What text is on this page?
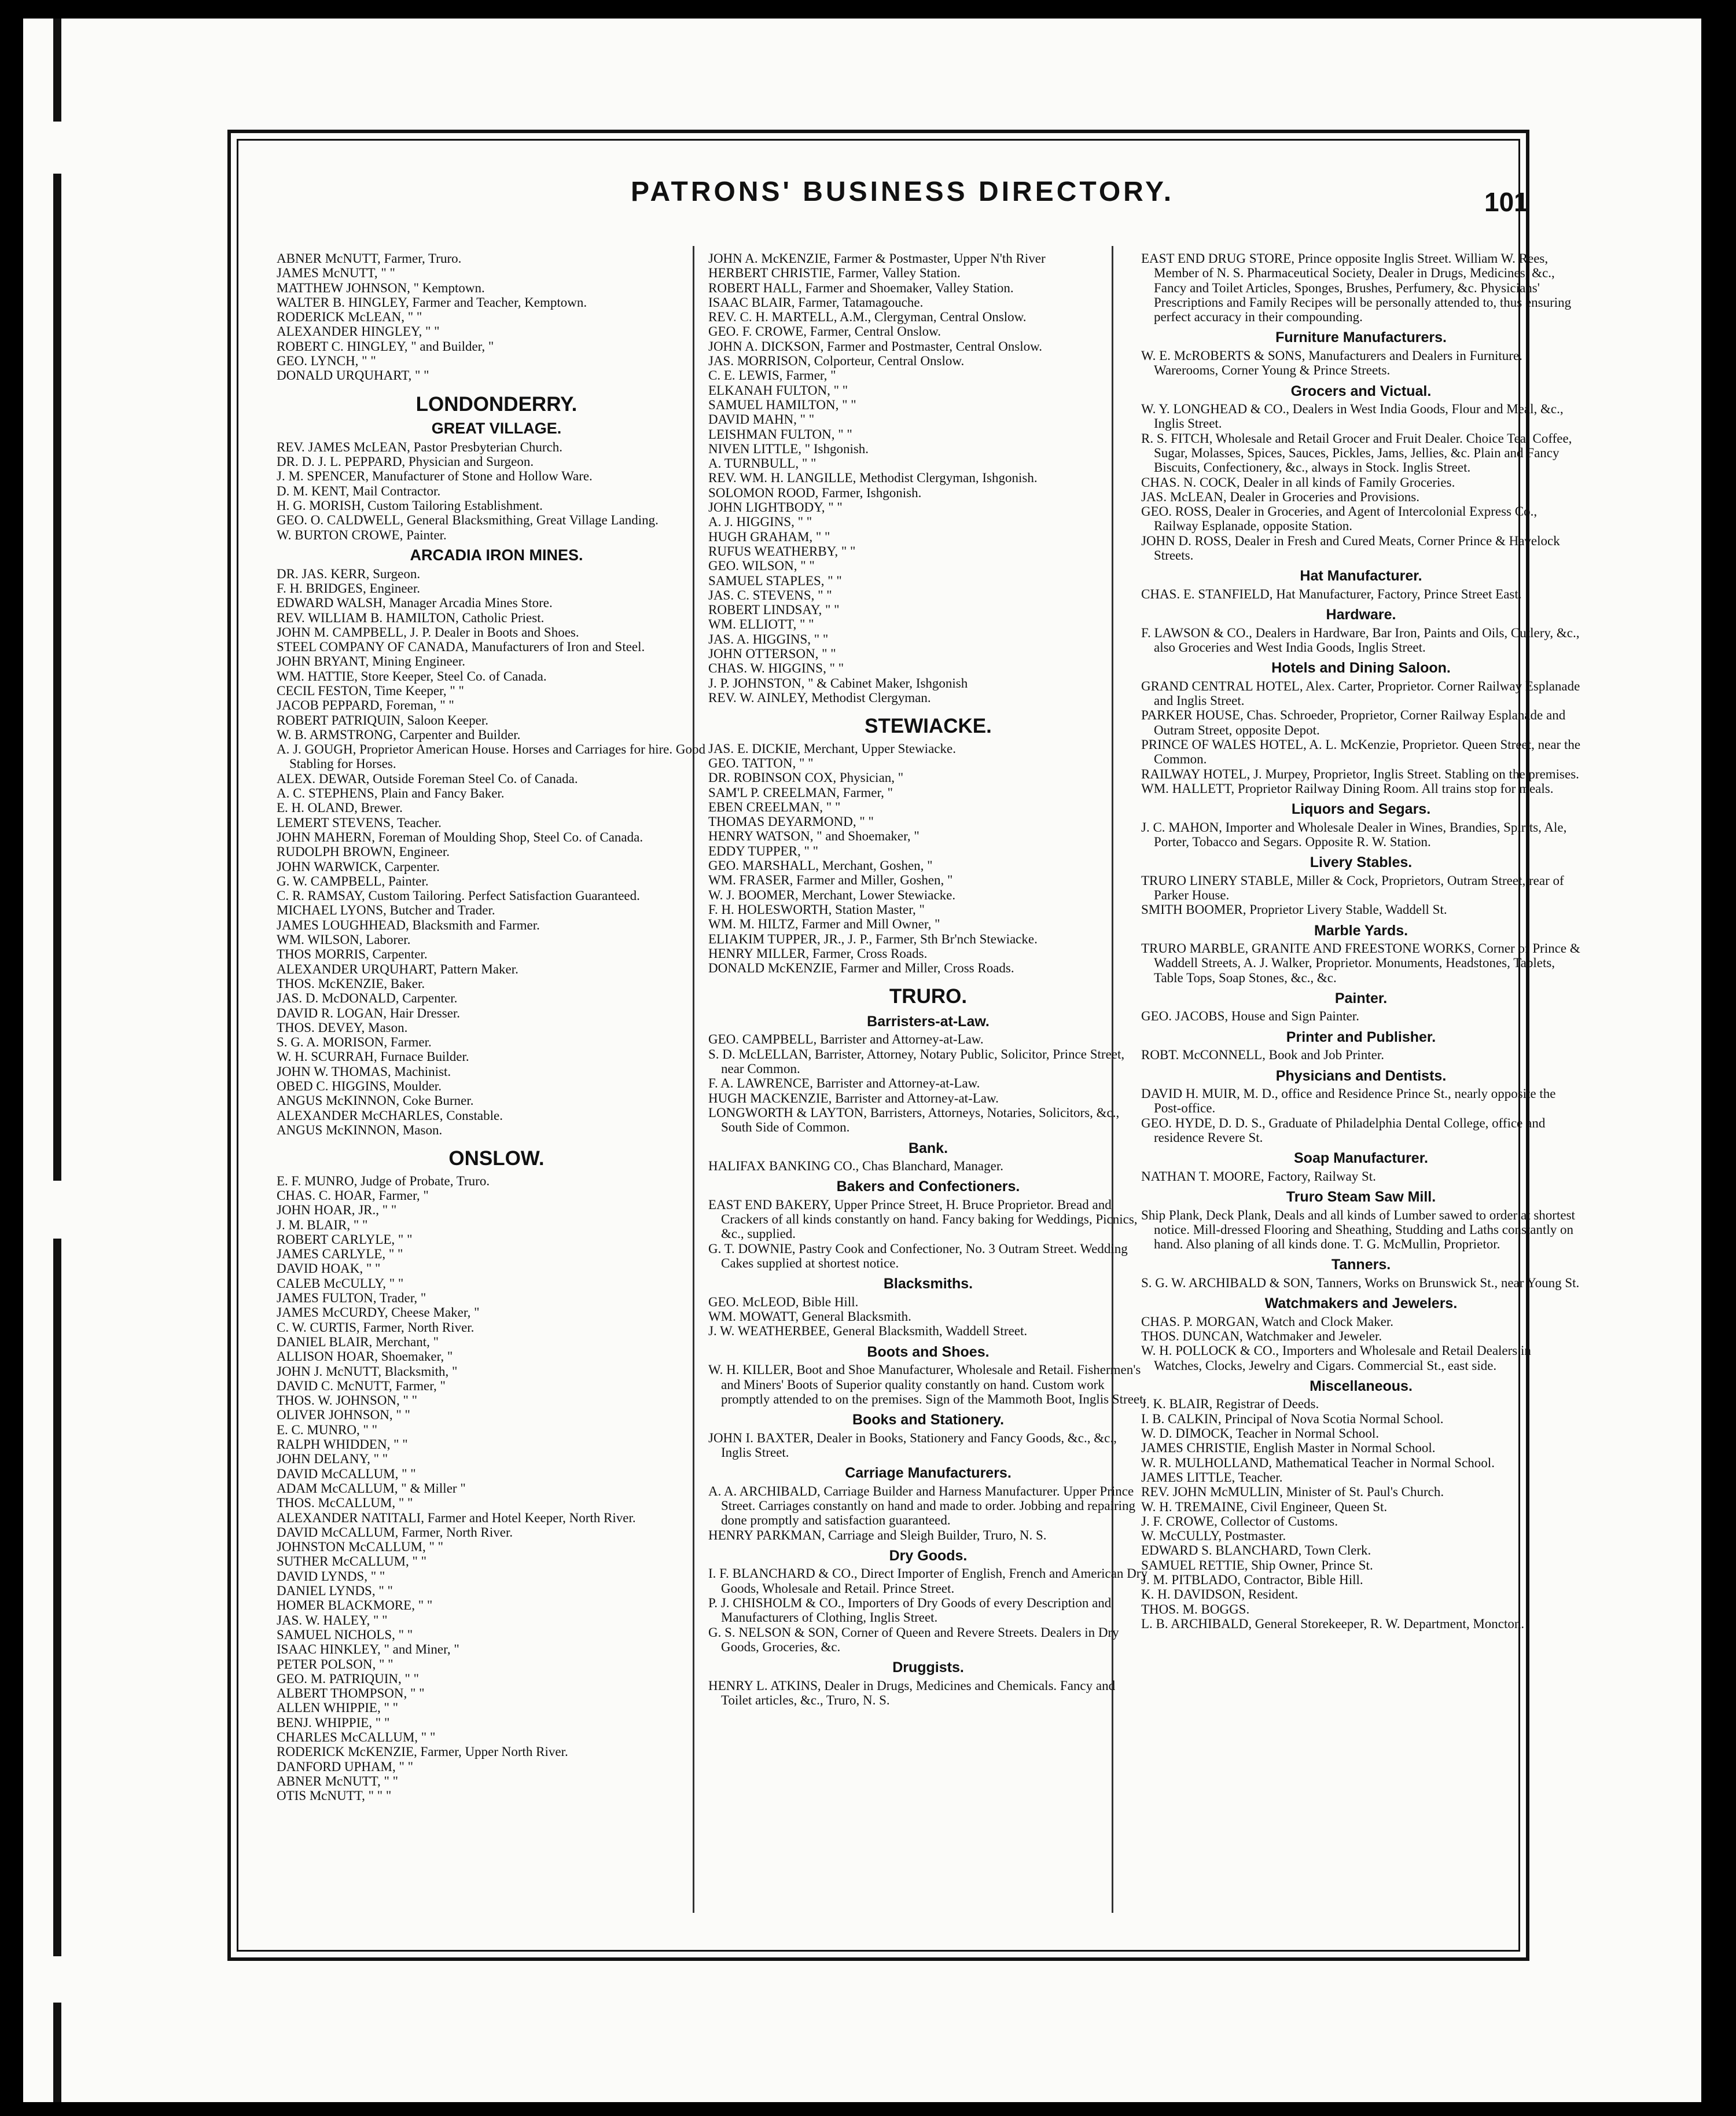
PATRONS' BUSINESS DIRECTORY.	101
ABNER McNUTT, Farmer, Truro.
JAMES McNUTT, " "
MATTHEW JOHNSON, " Kemptown.
WALTER B. HINGLEY, Farmer and Teacher, Kemptown.
RODERICK McLEAN, " "
ALEXANDER HINGLEY, " "
ROBERT C. HINGLEY, " and Builder, "
GEO. LYNCH, " "
DONALD URQUHART, " "
LONDONDERRY.
GREAT VILLAGE.
REV. JAMES McLEAN, Pastor Presbyterian Church.
DR. D. J. L. PEPPARD, Physician and Surgeon.
J. M. SPENCER, Manufacturer of Stone and Hollow Ware.
D. M. KENT, Mail Contractor.
H. G. MORISH, Custom Tailoring Establishment.
GEO. O. CALDWELL, General Blacksmithing, Great Village Landing.
W. BURTON CROWE, Painter.
ARCADIA IRON MINES.
DR. JAS. KERR, Surgeon.
F. H. BRIDGES, Engineer.
EDWARD WALSH, Manager Arcadia Mines Store.
REV. WILLIAM B. HAMILTON, Catholic Priest.
JOHN M. CAMPBELL, J. P. Dealer in Boots and Shoes.
STEEL COMPANY OF CANADA, Manufacturers of Iron and Steel.
JOHN BRYANT, Mining Engineer.
WM. HATTIE, Store Keeper, Steel Co. of Canada.
CECIL FESTON, Time Keeper, " "
JACOB PEPPARD, Foreman, " "
ROBERT PATRIQUIN, Saloon Keeper.
W. B. ARMSTRONG, Carpenter and Builder.
A. J. GOUGH, Proprietor American House. Horses and Carriages for hire. Good Stabling for Horses.
ALEX. DEWAR, Outside Foreman Steel Co. of Canada.
A. C. STEPHENS, Plain and Fancy Baker.
E. H. OLAND, Brewer.
LEMERT STEVENS, Teacher.
JOHN MAHERN, Foreman of Moulding Shop, Steel Co. of Canada.
RUDOLPH BROWN, Engineer.
JOHN WARWICK, Carpenter.
G. W. CAMPBELL, Painter.
C. R. RAMSAY, Custom Tailoring. Perfect Satisfaction Guaranteed.
MICHAEL LYONS, Butcher and Trader.
JAMES LOUGHHEAD, Blacksmith and Farmer.
WM. WILSON, Laborer.
THOS MORRIS, Carpenter.
ALEXANDER URQUHART, Pattern Maker.
THOS. McKENZIE, Baker.
JAS. D. McDONALD, Carpenter.
DAVID R. LOGAN, Hair Dresser.
THOS. DEVEY, Mason.
S. G. A. MORISON, Farmer.
W. H. SCURRAH, Furnace Builder.
JOHN W. THOMAS, Machinist.
OBED C. HIGGINS, Moulder.
ANGUS McKINNON, Coke Burner.
ALEXANDER McCHARLES, Constable.
ANGUS McKINNON, Mason.
ONSLOW.
E. F. MUNRO, Judge of Probate, Truro.
CHAS. C. HOAR, Farmer, "
JOHN HOAR, JR., " "
J. M. BLAIR, " "
ROBERT CARLYLE, " "
JAMES CARLYLE, " "
DAVID HOAK, " "
CALEB McCULLY, " "
JAMES FULTON, Trader, "
JAMES McCURDY, Cheese Maker, "
C. W. CURTIS, Farmer, North River.
DANIEL BLAIR, Merchant, "
ALLISON HOAR, Shoemaker, "
JOHN J. McNUTT, Blacksmith, "
DAVID C. McNUTT, Farmer, "
THOS. W. JOHNSON, " "
OLIVER JOHNSON, " "
E. C. MUNRO, " "
RALPH WHIDDEN, " "
JOHN DELANY, " "
DAVID McCALLUM, " "
ADAM McCALLUM, " & Miller "
THOS. McCALLUM, " "
ALEXANDER NATITALI, Farmer and Hotel Keeper, North River.
DAVID McCALLUM, Farmer, North River.
JOHNSTON McCALLUM, " "
SUTHER McCALLUM, " "
DAVID LYNDS, " "
DANIEL LYNDS, " "
HOMER BLACKMORE, " "
JAS. W. HALEY, " "
SAMUEL NICHOLS, " "
ISAAC HINKLEY, " and Miner, "
PETER POLSON, " "
GEO. M. PATRIQUIN, " "
ALBERT THOMPSON, " "
ALLEN WHIPPIE, " "
BENJ. WHIPPIE, " "
CHARLES McCALLUM, " "
RODERICK McKENZIE, Farmer, Upper North River.
DANFORD UPHAM, " "
ABNER McNUTT, " "
OTIS McNUTT, " " "
JOHN A. McKENZIE, Farmer & Postmaster, Upper N'th River
HERBERT CHRISTIE, Farmer, Valley Station.
ROBERT HALL, Farmer and Shoemaker, Valley Station.
ISAAC BLAIR, Farmer, Tatamagouche.
REV. C. H. MARTELL, A.M., Clergyman, Central Onslow.
GEO. F. CROWE, Farmer, Central Onslow.
JOHN A. DICKSON, Farmer and Postmaster, Central Onslow.
JAS. MORRISON, Colporteur, Central Onslow.
C. E. LEWIS, Farmer, "
ELKANAH FULTON, " "
SAMUEL HAMILTON, " "
DAVID MAHN, " "
LEISHMAN FULTON, " "
NIVEN LITTLE, " Ishgonish.
A. TURNBULL, " "
REV. WM. H. LANGILLE, Methodist Clergyman, Ishgonish.
SOLOMON ROOD, Farmer, Ishgonish.
JOHN LIGHTBODY, " "
A. J. HIGGINS, " "
HUGH GRAHAM, " "
RUFUS WEATHERBY, " "
GEO. WILSON, " "
SAMUEL STAPLES, " "
JAS. C. STEVENS, " "
ROBERT LINDSAY, " "
WM. ELLIOTT, " "
JAS. A. HIGGINS, " "
JOHN OTTERSON, " "
CHAS. W. HIGGINS, " "
J. P. JOHNSTON, " & Cabinet Maker, Ishgonish
REV. W. AINLEY, Methodist Clergyman.
STEWIACKE.
JAS. E. DICKIE, Merchant, Upper Stewiacke.
GEO. TATTON, " "
DR. ROBINSON COX, Physician, "
SAM'L P. CREELMAN, Farmer, "
EBEN CREELMAN, " "
THOMAS DEYARMOND, " "
HENRY WATSON, " and Shoemaker, "
EDDY TUPPER, " "
GEO. MARSHALL, Merchant, Goshen, "
WM. FRASER, Farmer and Miller, Goshen, "
W. J. BOOMER, Merchant, Lower Stewiacke.
F. H. HOLESWORTH, Station Master, "
WM. M. HILTZ, Farmer and Mill Owner, "
ELIAKIM TUPPER, JR., J. P., Farmer, Sth Br'nch Stewiacke.
HENRY MILLER, Farmer, Cross Roads.
DONALD McKENZIE, Farmer and Miller, Cross Roads.
TRURO.
Barristers-at-Law.
GEO. CAMPBELL, Barrister and Attorney-at-Law.
S. D. McLELLAN, Barrister, Attorney, Notary Public, Solicitor, Prince Street, near Common.
F. A. LAWRENCE, Barrister and Attorney-at-Law.
HUGH MACKENZIE, Barrister and Attorney-at-Law.
LONGWORTH & LAYTON, Barristers, Attorneys, Notaries, Solicitors, &c., South Side of Common.
Bank.
HALIFAX BANKING CO., Chas Blanchard, Manager.
Bakers and Confectioners.
EAST END BAKERY, Upper Prince Street, H. Bruce Proprietor. Bread and Crackers of all kinds constantly on hand. Fancy baking for Weddings, Picnics, &c., supplied.
G. T. DOWNIE, Pastry Cook and Confectioner, No. 3 Outram Street. Wedding Cakes supplied at shortest notice.
Blacksmiths.
GEO. McLEOD, Bible Hill.
WM. MOWATT, General Blacksmith.
J. W. WEATHERBEE, General Blacksmith, Waddell Street.
Boots and Shoes.
W. H. KILLER, Boot and Shoe Manufacturer, Wholesale and Retail. Fishermen's and Miners' Boots of Superior quality constantly on hand. Custom work promptly attended to on the premises. Sign of the Mammoth Boot, Inglis Street.
Books and Stationery.
JOHN I. BAXTER, Dealer in Books, Stationery and Fancy Goods, &c., &c., Inglis Street.
Carriage Manufacturers.
A. A. ARCHIBALD, Carriage Builder and Harness Manufacturer. Upper Prince Street. Carriages constantly on hand and made to order. Jobbing and repairing done promptly and satisfaction guaranteed.
HENRY PARKMAN, Carriage and Sleigh Builder, Truro, N. S.
Dry Goods.
I. F. BLANCHARD & CO., Direct Importer of English, French and American Dry Goods, Wholesale and Retail. Prince Street.
P. J. CHISHOLM & CO., Importers of Dry Goods of every Description and Manufacturers of Clothing, Inglis Street.
G. S. NELSON & SON, Corner of Queen and Revere Streets. Dealers in Dry Goods, Groceries, &c.
Druggists.
HENRY L. ATKINS, Dealer in Drugs, Medicines and Chemicals. Fancy and Toilet articles, &c., Truro, N. S.
EAST END DRUG STORE, Prince opposite Inglis Street. William W. Rees, Member of N. S. Pharmaceutical Society, Dealer in Drugs, Medicines, &c., Fancy and Toilet Articles, Sponges, Brushes, Perfumery, &c. Physicians' Prescriptions and Family Recipes will be personally attended to, thus ensuring perfect accuracy in their compounding.
Furniture Manufacturers.
W. E. McROBERTS & SONS, Manufacturers and Dealers in Furniture. Warerooms, Corner Young & Prince Streets.
Grocers and Victual.
W. Y. LONGHEAD & CO., Dealers in West India Goods, Flour and Meal, &c., Inglis Street.
R. S. FITCH, Wholesale and Retail Grocer and Fruit Dealer. Choice Tea, Coffee, Sugar, Molasses, Spices, Sauces, Pickles, Jams, Jellies, &c. Plain and Fancy Biscuits, Confectionery, &c., always in Stock. Inglis Street.
CHAS. N. COCK, Dealer in all kinds of Family Groceries.
JAS. McLEAN, Dealer in Groceries and Provisions.
GEO. ROSS, Dealer in Groceries, and Agent of Intercolonial Express Co., Railway Esplanade, opposite Station.
JOHN D. ROSS, Dealer in Fresh and Cured Meats, Corner Prince & Havelock Streets.
Hat Manufacturer.
CHAS. E. STANFIELD, Hat Manufacturer, Factory, Prince Street East.
Hardware.
F. LAWSON & CO., Dealers in Hardware, Bar Iron, Paints and Oils, Cutlery, &c., also Groceries and West India Goods, Inglis Street.
Hotels and Dining Saloon.
GRAND CENTRAL HOTEL, Alex. Carter, Proprietor. Corner Railway Esplanade and Inglis Street.
PARKER HOUSE, Chas. Schroeder, Proprietor, Corner Railway Esplanade and Outram Street, opposite Depot.
PRINCE OF WALES HOTEL, A. L. McKenzie, Proprietor. Queen Street, near the Common.
RAILWAY HOTEL, J. Murpey, Proprietor, Inglis Street. Stabling on the premises.
WM. HALLETT, Proprietor Railway Dining Room. All trains stop for meals.
Liquors and Segars.
J. C. MAHON, Importer and Wholesale Dealer in Wines, Brandies, Spirits, Ale, Porter, Tobacco and Segars. Opposite R. W. Station.
Livery Stables.
TRURO LINERY STABLE, Miller & Cock, Proprietors, Outram Street, rear of Parker House.
SMITH BOOMER, Proprietor Livery Stable, Waddell St.
Marble Yards.
TRURO MARBLE, GRANITE AND FREESTONE WORKS, Corner of Prince & Waddell Streets, A. J. Walker, Proprietor. Monuments, Headstones, Tablets, Table Tops, Soap Stones, &c., &c.
Painter.
GEO. JACOBS, House and Sign Painter.
Printer and Publisher.
ROBT. McCONNELL, Book and Job Printer.
Physicians and Dentists.
DAVID H. MUIR, M. D., office and Residence Prince St., nearly opposite the Post-office.
GEO. HYDE, D. D. S., Graduate of Philadelphia Dental College, office and residence Revere St.
Soap Manufacturer.
NATHAN T. MOORE, Factory, Railway St.
Truro Steam Saw Mill.
Ship Plank, Deck Plank, Deals and all kinds of Lumber sawed to order at shortest notice. Mill-dressed Flooring and Sheathing, Studding and Laths constantly on hand. Also planing of all kinds done. T. G. McMullin, Proprietor.
Tanners.
S. G. W. ARCHIBALD & SON, Tanners, Works on Brunswick St., near Young St.
Watchmakers and Jewelers.
CHAS. P. MORGAN, Watch and Clock Maker.
THOS. DUNCAN, Watchmaker and Jeweler.
W. H. POLLOCK & CO., Importers and Wholesale and Retail Dealers in Watches, Clocks, Jewelry and Cigars. Commercial St., east side.
Miscellaneous.
J. K. BLAIR, Registrar of Deeds.
I. B. CALKIN, Principal of Nova Scotia Normal School.
W. D. DIMOCK, Teacher in Normal School.
JAMES CHRISTIE, English Master in Normal School.
W. R. MULHOLLAND, Mathematical Teacher in Normal School.
JAMES LITTLE, Teacher.
REV. JOHN McMULLIN, Minister of St. Paul's Church.
W. H. TREMAINE, Civil Engineer, Queen St.
J. F. CROWE, Collector of Customs.
W. McCULLY, Postmaster.
EDWARD S. BLANCHARD, Town Clerk.
SAMUEL RETTIE, Ship Owner, Prince St.
J. M. PITBLADO, Contractor, Bible Hill.
K. H. DAVIDSON, Resident.
THOS. M. BOGGS.
L. B. ARCHIBALD, General Storekeeper, R. W. Department, Moncton.
